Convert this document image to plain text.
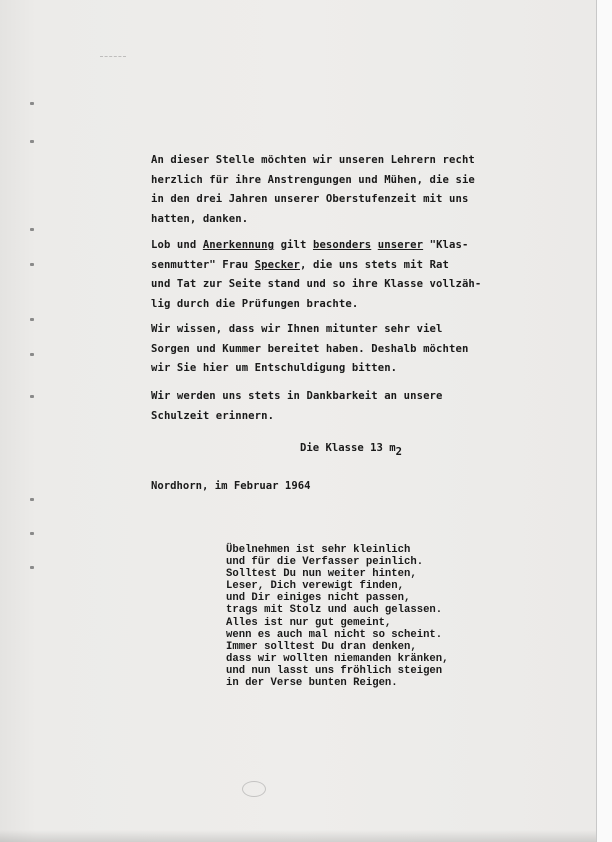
An dieser Stelle möchten wir unseren Lehrern recht
herzlich für ihre Anstrengungen und Mühen, die sie
in den drei Jahren unserer Oberstufenzeit mit uns
hatten, danken.
Lob und Anerkennung gilt besonders unserer "Klas-
senmutter" Frau Specker, die uns stets mit Rat
und Tat zur Seite stand und so ihre Klasse vollzäh-
lig durch die Prüfungen brachte.
Wir wissen, dass wir Ihnen mitunter sehr viel
Sorgen und Kummer bereitet haben. Deshalb möchten
wir Sie hier um Entschuldigung bitten.
Wir werden uns stets in Dankbarkeit an unsere
Schulzeit erinnern.
Die Klasse 13 m2
Nordhorn, im Februar 1964
Übelnehmen ist sehr kleinlich
und für die Verfasser peinlich.
Solltest Du nun weiter hinten,
Leser, Dich verewigt finden,
und Dir einiges nicht passen,
trags mit Stolz und auch gelassen.
Alles ist nur gut gemeint,
wenn es auch mal nicht so scheint.
Immer solltest Du dran denken,
dass wir wollten niemanden kränken,
und nun lasst uns fröhlich steigen
in der Verse bunten Reigen.
